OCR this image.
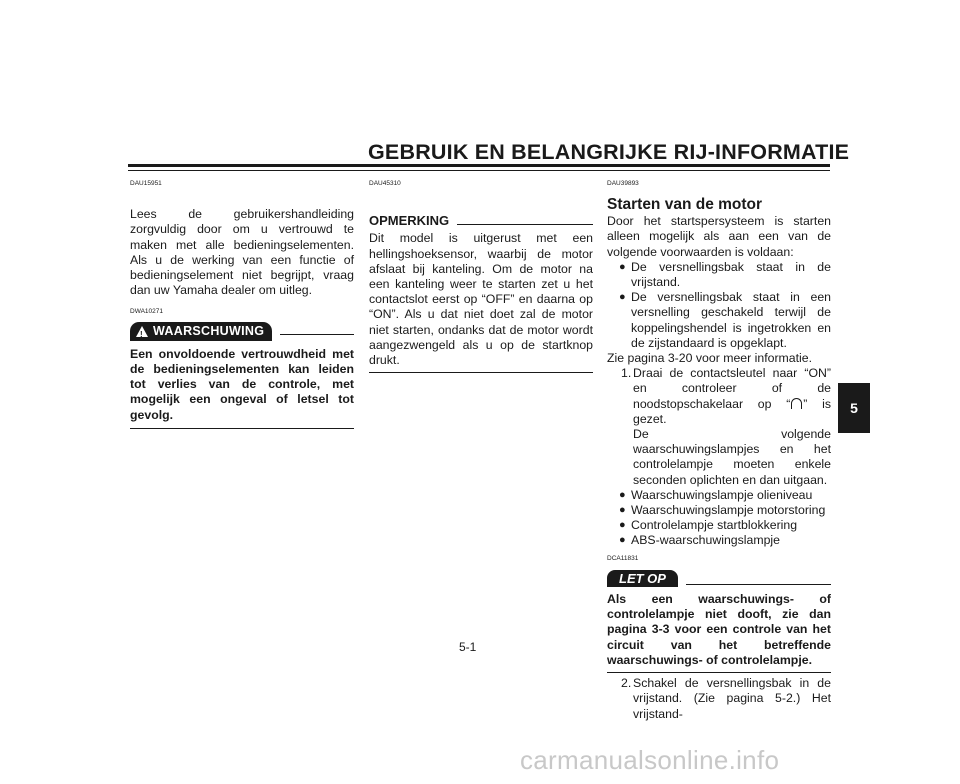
GEBRUIK EN BELANGRIJKE RIJ-INFORMATIE

DAU15951

Lees de gebruikershandleiding zorgvuldig door om u vertrouwd te maken met alle bedieningselementen. Als u de werking van een functie of bedieningselement niet begrijpt, vraag dan uw Yamaha dealer om uitleg.

DWA10271

!
WAARSCHUWING

Een onvoldoende vertrouwdheid met de bedieningselementen kan leiden tot verlies van de controle, met mogelijk een ongeval of letsel tot gevolg.

DAU45310

OPMERKING

Dit model is uitgerust met een hellingshoeksensor, waarbij de motor afslaat bij kanteling. Om de motor na een kanteling weer te starten zet u het contactslot eerst op “OFF” en daarna op “ON”. Als u dat niet doet zal de motor niet starten, ondanks dat de motor wordt aangezwengeld als u op de startknop drukt.

DAU39893

Starten van de motor

Door het startspersysteem is starten alleen mogelijk als aan een van de volgende voorwaarden is voldaan:

● De versnellingsbak staat in de vrijstand.
● De versnellingsbak staat in een versnelling geschakeld terwijl de koppelingshendel is ingetrokken en de zijstandaard is opgeklapt.

Zie pagina 3-20 voor meer informatie.

1. Draai de contactsleutel naar “ON” en controleer of de noodstopschakelaar op “ ” is gezet.

De volgende waarschuwingslampjes en het controlelampje moeten enkele seconden oplichten en dan uitgaan.

● Waarschuwingslampje olieniveau
● Waarschuwingslampje motorstoring
● Controlelampje startblokkering
● ABS-waarschuwingslampje

DCA11831

LET OP

Als een waarschuwings- of controlelampje niet dooft, zie dan pagina 3-3 voor een controle van het circuit van het betreffende waarschuwings- of controlelampje.

2. Schakel de versnellingsbak in de vrijstand. (Zie pagina 5-2.) Het vrijstand-
5
5-1
carmanualsonline.info
